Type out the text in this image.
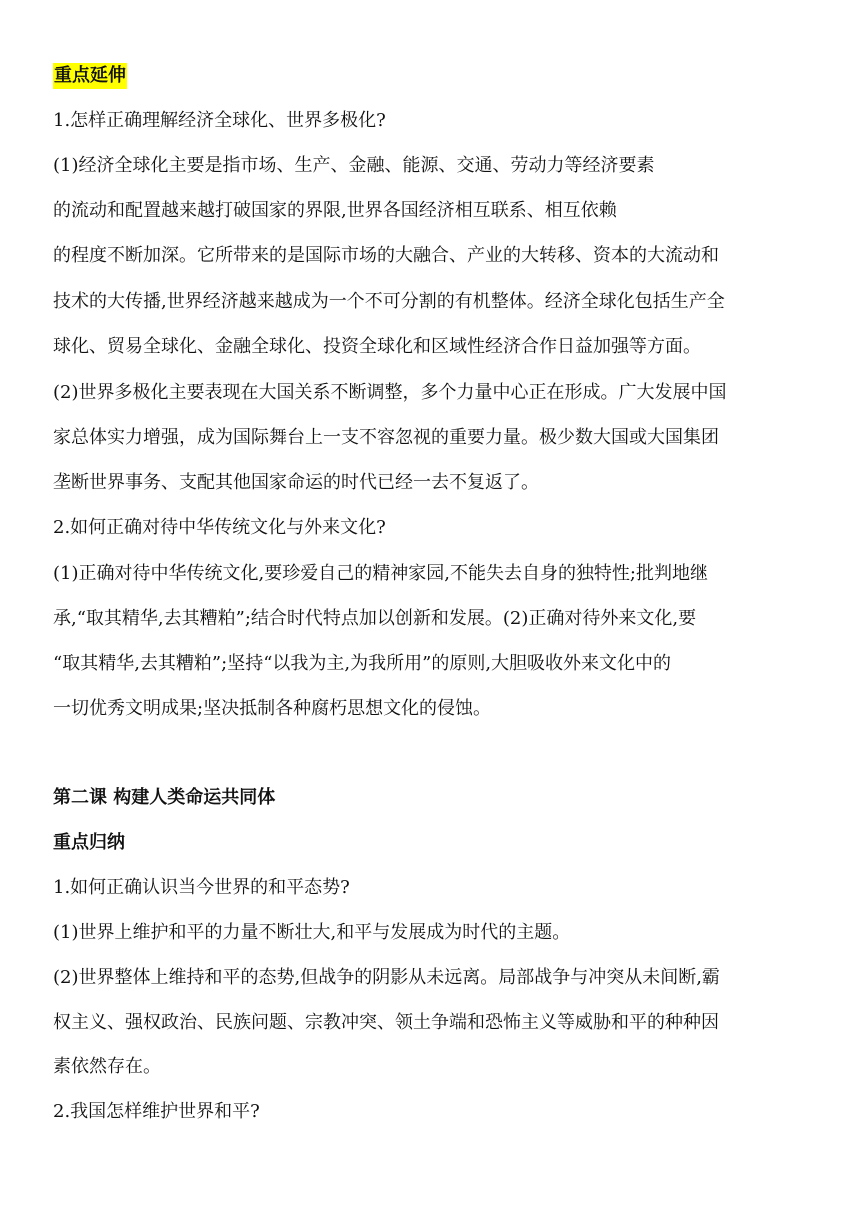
重点延伸
1.怎样正确理解经济全球化、世界多极化?
(1)经济全球化主要是指市场、生产、金融、能源、交通、劳动力等经济要素
的流动和配置越来越打破国家的界限,世界各国经济相互联系、相互依赖
的程度不断加深。它所带来的是国际市场的大融合、产业的大转移、资本的大流动和
技术的大传播,世界经济越来越成为一个不可分割的有机整体。经济全球化包括生产全
球化、贸易全球化、金融全球化、投资全球化和区域性经济合作日益加强等方面。
(2)世界多极化主要表现在大国关系不断调整，多个力量中心正在形成。广大发展中国
家总体实力增强，成为国际舞台上一支不容忽视的重要力量。极少数大国或大国集团
垄断世界事务、支配其他国家命运的时代已经一去不复返了。
2.如何正确对待中华传统文化与外来文化?
(1)正确对待中华传统文化,要珍爱自己的精神家园,不能失去自身的独特性;批判地继
承,“取其精华,去其糟粕”;结合时代特点加以创新和发展。(2)正确对待外来文化,要
“取其精华,去其糟粕”;坚持“以我为主,为我所用”的原则,大胆吸收外来文化中的
一切优秀文明成果;坚决抵制各种腐朽思想文化的侵蚀。
第二课 构建人类命运共同体
重点归纳
1.如何正确认识当今世界的和平态势?
(1)世界上维护和平的力量不断壮大,和平与发展成为时代的主题。
(2)世界整体上维持和平的态势,但战争的阴影从未远离。局部战争与冲突从未间断,霸
权主义、强权政治、民族问题、宗教冲突、领土争端和恐怖主义等威胁和平的种种因
素依然存在。
2.我国怎样维护世界和平?
